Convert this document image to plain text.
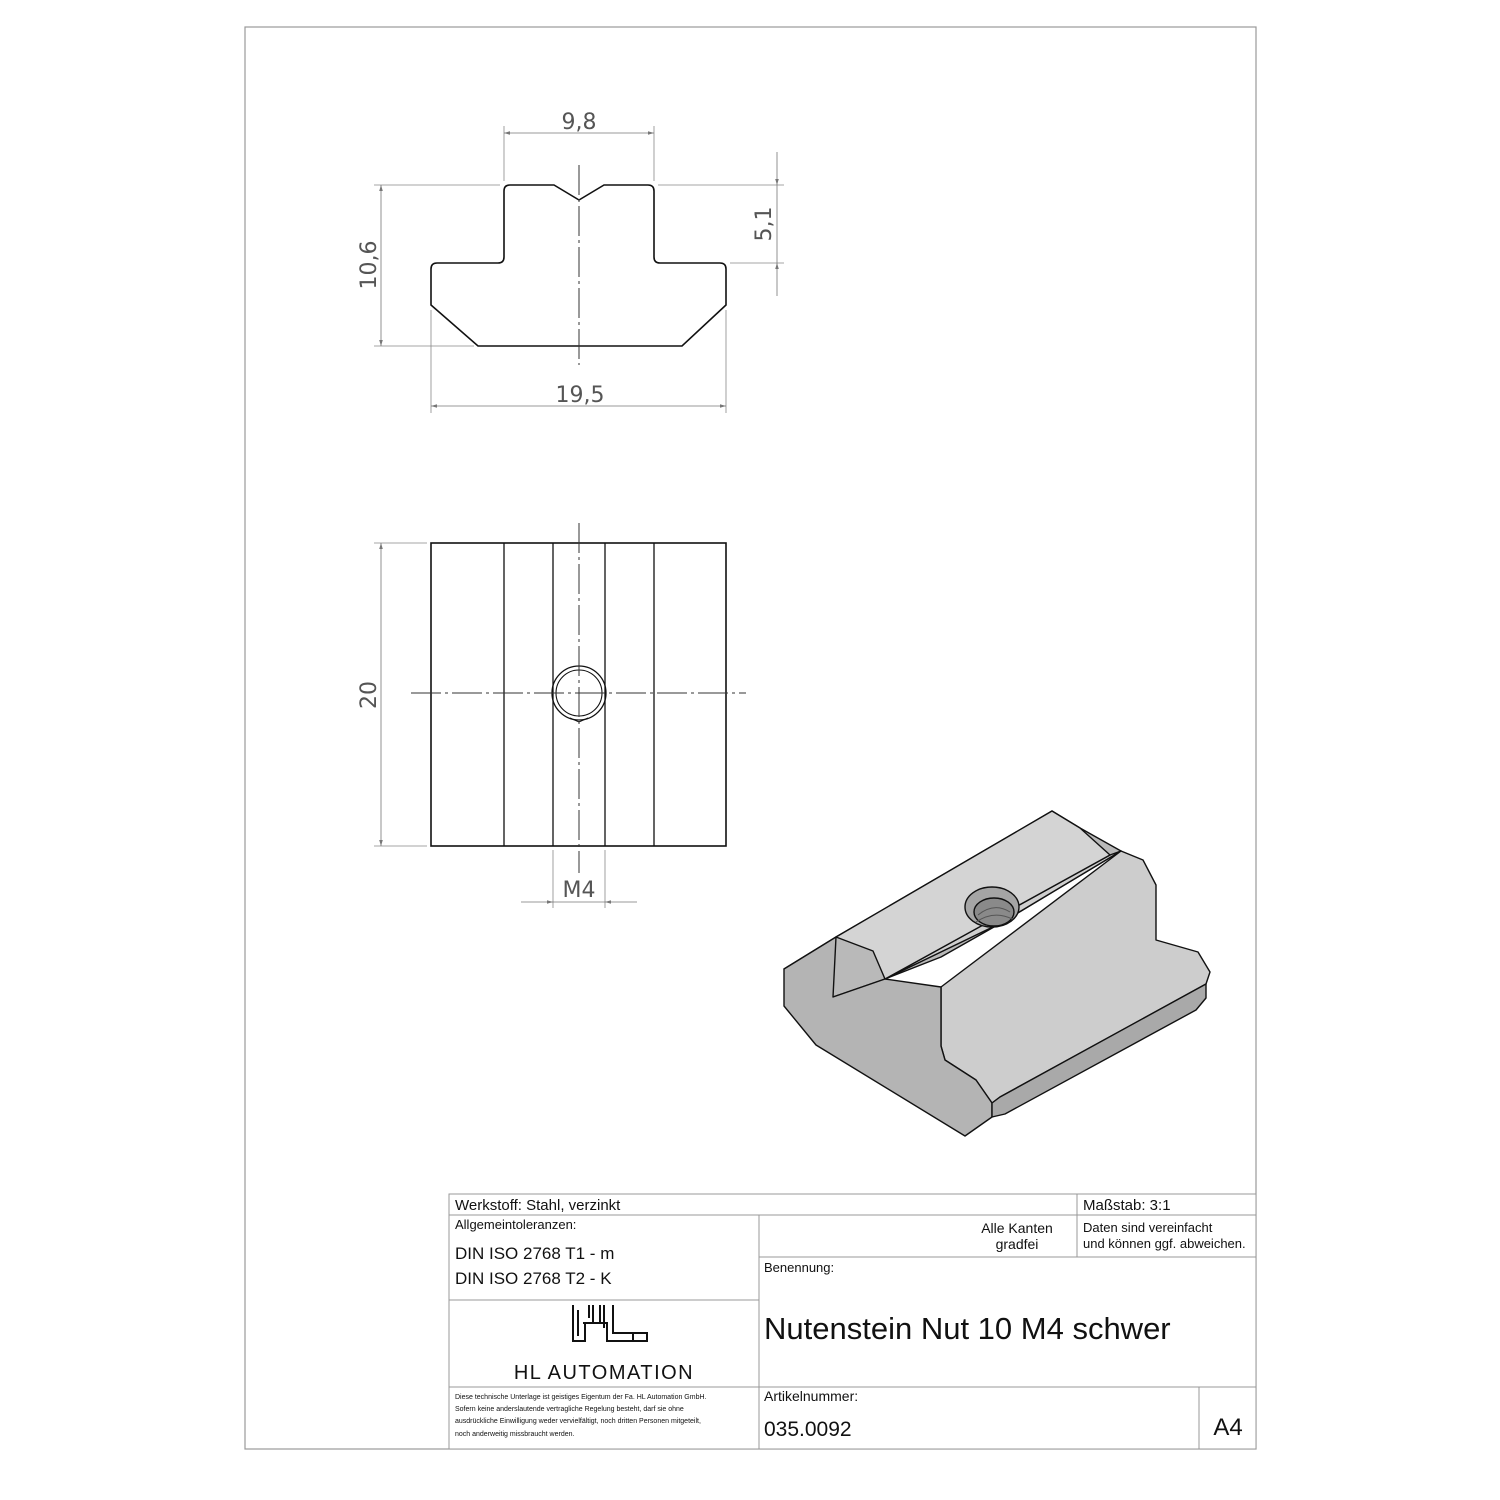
9,8
10,6
5,1
19,5
20
M4
Werkstoff: Stahl, verzinkt	Maßstab: 3:1
Allgemeintoleranzen:
DIN ISO 2768 T1 - m
DIN ISO 2768 T2 - K
Alle Kanten
gradfei
Daten sind vereinfacht
und können ggf. abweichen.
Benennung:
Nutenstein Nut 10 M4 schwer
HL AUTOMATION
Diese technische Unterlage ist geistiges Eigentum der Fa. HL Automation GmbH.
Sofern keine anderslautende vertragliche Regelung besteht, darf sie ohne
ausdrückliche Einwilligung weder vervielfältigt, noch dritten Personen mitgeteilt,
noch anderweitig missbraucht werden.
Artikelnummer:
035.0092	A4
